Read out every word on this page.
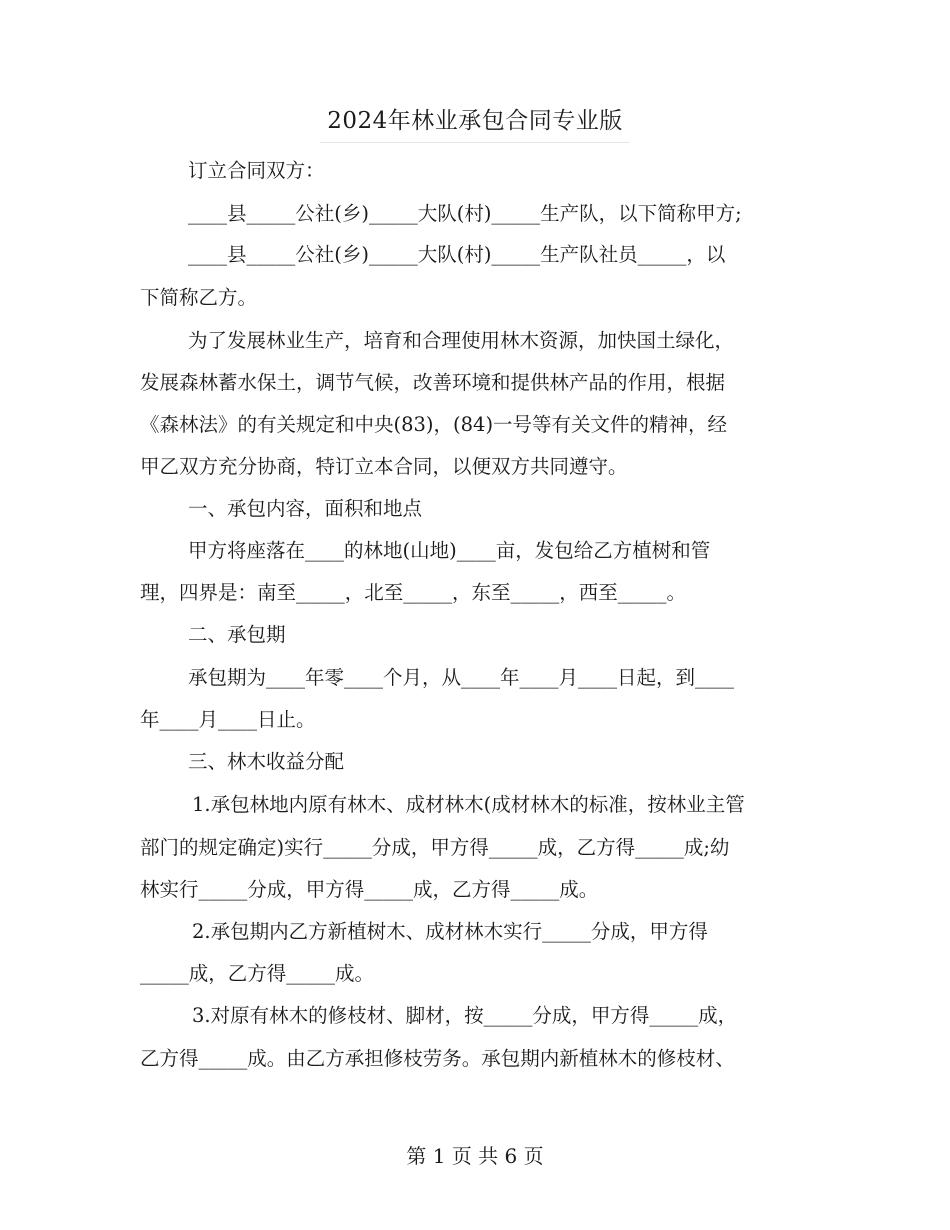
2024年林业承包合同专业版
订立合同双方：
____县_____公社(乡)_____大队(村)_____生产队，以下简称甲方;
____县_____公社(乡)_____大队(村)_____生产队社员_____，以
下简称乙方。
为了发展林业生产，培育和合理使用林木资源，加快国土绿化，
发展森林蓄水保土，调节气候，改善环境和提供林产品的作用，根据
《森林法》的有关规定和中央(83)，(84)一号等有关文件的精神，经
甲乙双方充分协商，特订立本合同，以便双方共同遵守。
一、承包内容，面积和地点
甲方将座落在____的林地(山地)____亩，发包给乙方植树和管
理，四界是：南至_____，北至_____，东至_____，西至_____。
二、承包期
承包期为____年零____个月，从____年____月____日起，到____
年____月____日止。
三、林木收益分配
1.承包林地内原有林木、成材林木(成材林木的标准，按林业主管
部门的规定确定)实行_____分成，甲方得_____成，乙方得_____成;幼
林实行_____分成，甲方得_____成，乙方得_____成。
2.承包期内乙方新植树木、成材林木实行_____分成，甲方得
_____成，乙方得_____成。
3.对原有林木的修枝材、脚材，按_____分成，甲方得_____成，
乙方得_____成。由乙方承担修枝劳务。承包期内新植林木的修枝材、
第 1 页 共 6 页
